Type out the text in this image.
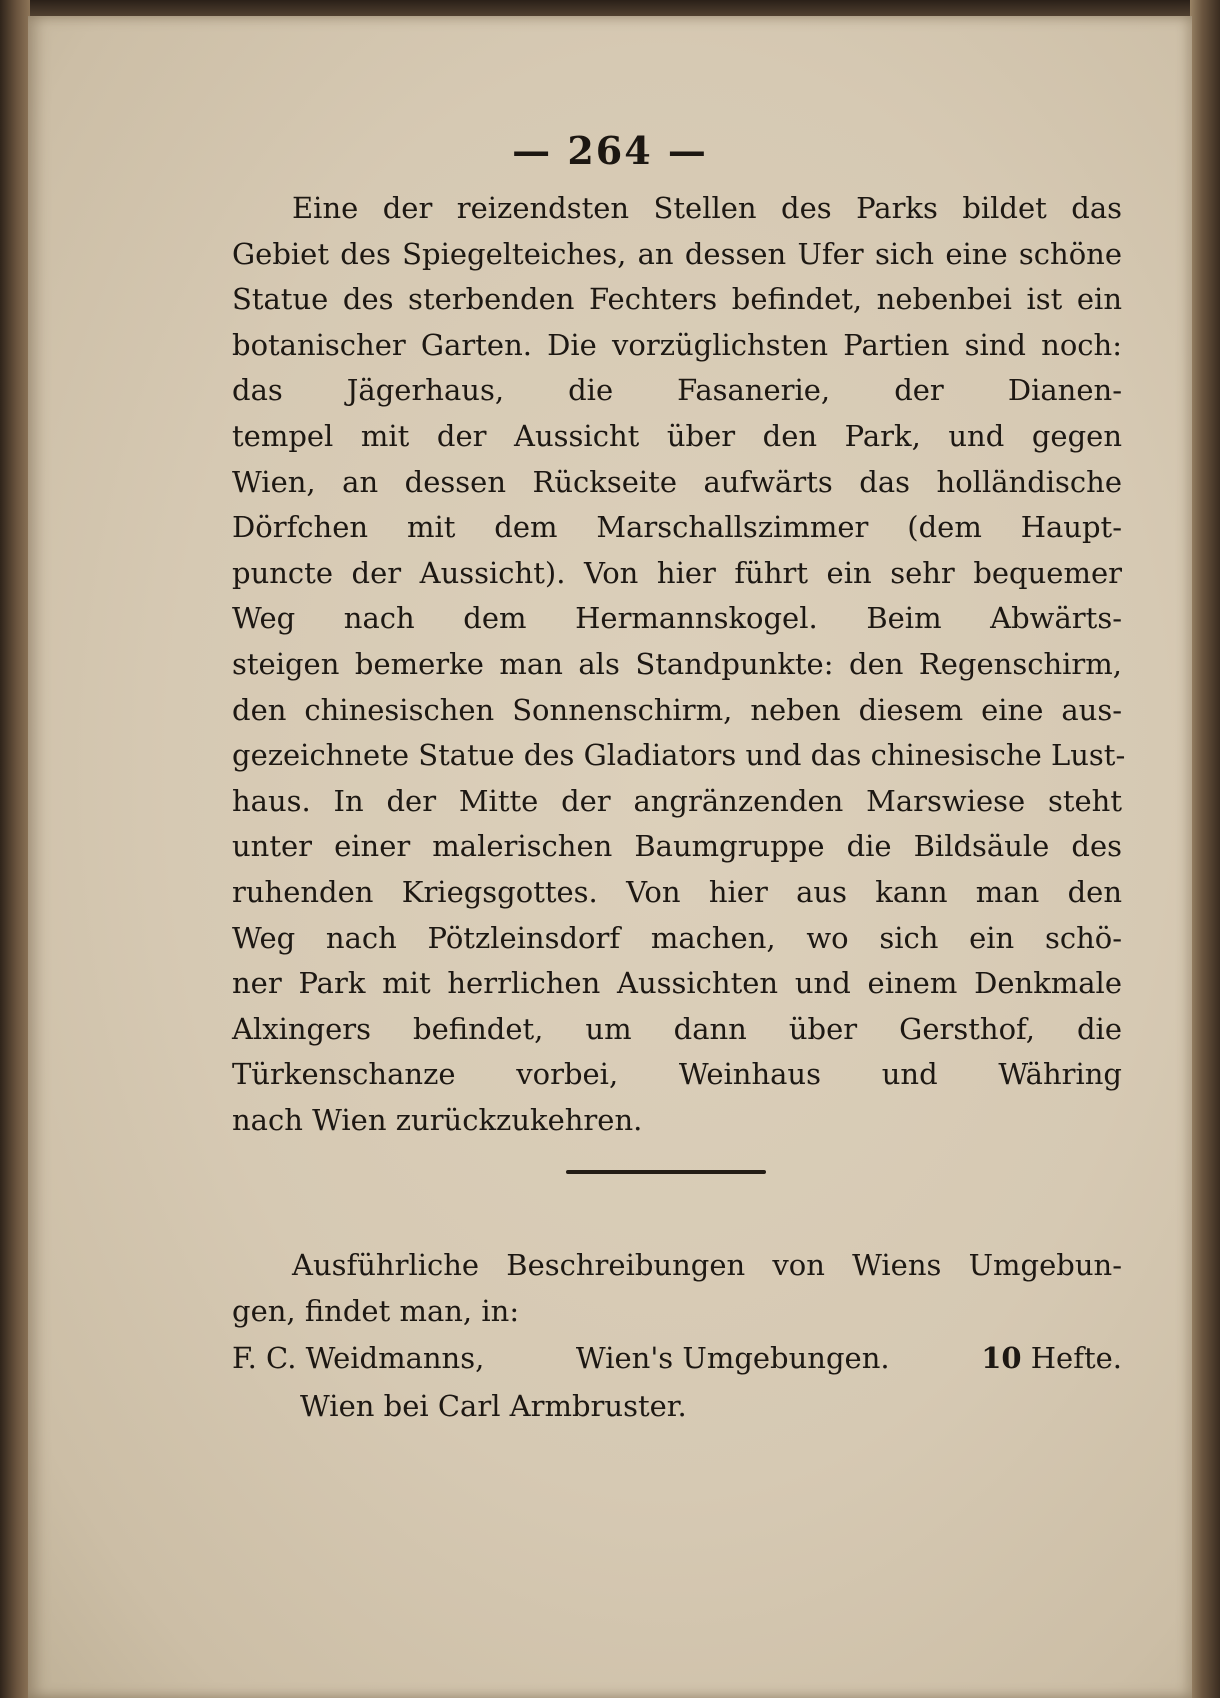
— 264 —
Eine der reizendsten Stellen des Parks bildet das
Gebiet des Spiegelteiches, an dessen Ufer sich eine schöne
Statue des sterbenden Fechters befindet, nebenbei ist ein
botanischer Garten. Die vorzüglichsten Partien sind noch:
das Jägerhaus, die Fasanerie, der Dianen-
tempel mit der Aussicht über den Park, und gegen
Wien, an dessen Rückseite aufwärts das holländische
Dörfchen mit dem Marschallszimmer (dem Haupt-
puncte der Aussicht). Von hier führt ein sehr bequemer
Weg nach dem Hermannskogel. Beim Abwärts-
steigen bemerke man als Standpunkte: den Regenschirm,
den chinesischen Sonnenschirm, neben diesem eine aus-
gezeichnete Statue des Gladiators und das chinesische Lust-
haus. In der Mitte der angränzenden Marswiese steht
unter einer malerischen Baumgruppe die Bildsäule des
ruhenden Kriegsgottes. Von hier aus kann man den
Weg nach Pötzleinsdorf machen, wo sich ein schö-
ner Park mit herrlichen Aussichten und einem Denkmale
Alxingers befindet, um dann über Gersthof, die
Türkenschanze vorbei, Weinhaus und Währing
nach Wien zurückzukehren.
Ausführliche Beschreibungen von Wiens Umgebun-
gen, findet man, in:
F. C. Weidmanns,	Wien's Umgebungen.	10 Hefte.
Wien bei Carl Armbruster.
